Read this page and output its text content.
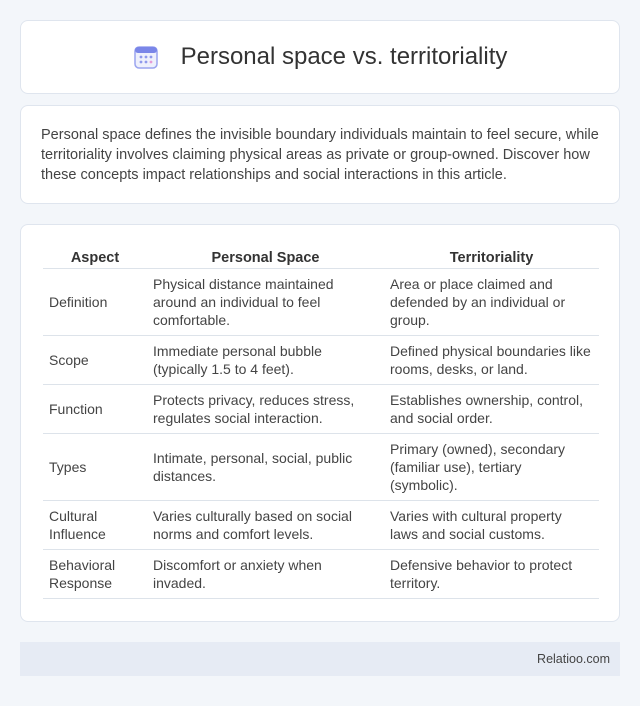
Personal space vs. territoriality

Personal space defines the invisible boundary individuals maintain to feel secure, while territoriality involves claiming physical areas as private or group-owned. Discover how these concepts impact relationships and social interactions in this article.

Aspect	Personal Space	Territoriality
Definition	Physical distance maintained around an individual to feel comfortable.	Area or place claimed and defended by an individual or group.
Scope	Immediate personal bubble (typically 1.5 to 4 feet).	Defined physical boundaries like rooms, desks, or land.
Function	Protects privacy, reduces stress, regulates social interaction.	Establishes ownership, control, and social order.
Types	Intimate, personal, social, public distances.	Primary (owned), secondary (familiar use), tertiary (symbolic).
Cultural Influence	Varies culturally based on social norms and comfort levels.	Varies with cultural property laws and social customs.
Behavioral Response	Discomfort or anxiety when invaded.	Defensive behavior to protect territory.
Relatioo.com
